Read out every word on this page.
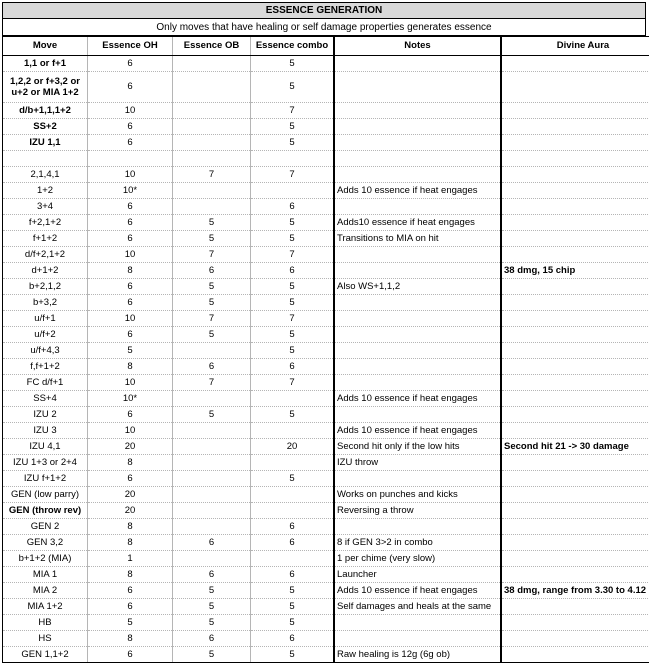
ESSENCE GENERATION
Only moves that have healing or self damage properties generates essence
Move	Essence OH	Essence OB	Essence combo	Notes	Divine Aura
1,1 or f+1	6		5		
1,2,2 or f+3,2 or u+2 or MIA 1+2	6		5		
d/b+1,1,1+2	10		7		
SS+2	6		5		
IZU 1,1	6		5		

2,1,4,1	10	7	7		
1+2	10*			Adds 10 essence if heat engages	
3+4	6		6		
f+2,1+2	6	5	5	Adds10 essence if heat engages	
f+1+2	6	5	5	Transitions to MIA on hit	
d/f+2,1+2	10	7	7		
d+1+2	8	6	6		38 dmg, 15 chip
b+2,1,2	6	5	5	Also WS+1,1,2	
b+3,2	6	5	5		
u/f+1	10	7	7		
u/f+2	6	5	5		
u/f+4,3	5		5		
f,f+1+2	8	6	6		
FC d/f+1	10	7	7		
SS+4	10*			Adds 10 essence if heat engages	
IZU 2	6	5	5		
IZU 3	10			Adds 10 essence if heat engages	
IZU 4,1	20		20	Second hit only if the low hits	Second hit 21 -> 30 damage
IZU 1+3 or 2+4	8			IZU throw	
IZU f+1+2	6		5		
GEN (low parry)	20			Works on punches and kicks	
GEN (throw rev)	20			Reversing a throw	
GEN 2	8		6		
GEN 3,2	8	6	6	8 if GEN 3>2 in combo	
b+1+2 (MIA)	1			1 per chime (very slow)	
MIA 1	8	6	6	Launcher	
MIA 2	6	5	5	Adds 10 essence if heat engages	38 dmg, range from 3.30 to 4.12
MIA 1+2	6	5	5	Self damages and heals at the same	
HB	5	5	5		
HS	8	6	6		
GEN 1,1+2	6	5	5	Raw healing is 12g (6g ob)	
